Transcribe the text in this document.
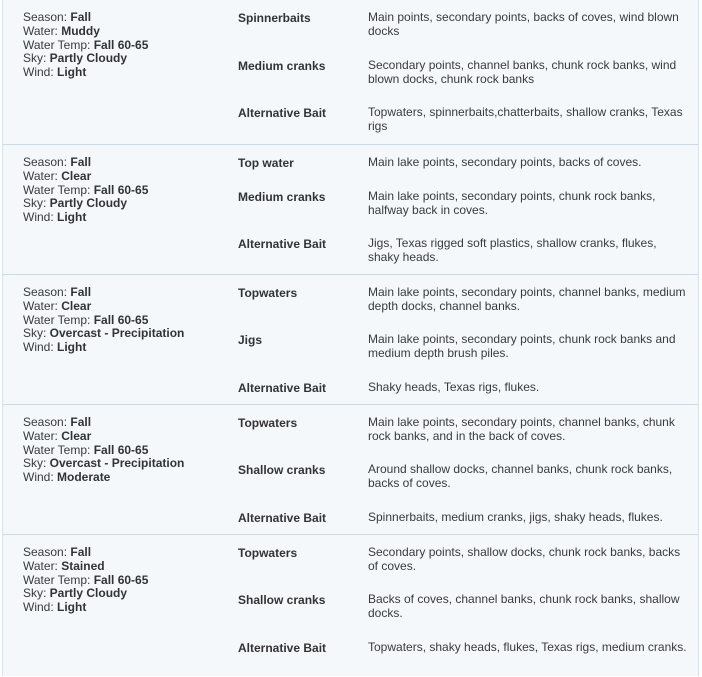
Season: Fall
Water: Muddy
Water Temp: Fall 60-65
Sky: Partly Cloudy
Wind: Light
Spinnerbaits	Main points, secondary points, backs of coves, wind blown docks
Medium cranks	Secondary points, channel banks, chunk rock banks, wind blown docks, chunk rock banks
Alternative Bait	Topwaters, spinnerbaits,chatterbaits, shallow cranks, Texas rigs
Season: Fall
Water: Clear
Water Temp: Fall 60-65
Sky: Partly Cloudy
Wind: Light
Top water	Main lake points, secondary points, backs of coves.
Medium cranks	Main lake points, secondary points, chunk rock banks, halfway back in coves.
Alternative Bait	Jigs, Texas rigged soft plastics, shallow cranks, flukes, shaky heads.
Season: Fall
Water: Clear
Water Temp: Fall 60-65
Sky: Overcast - Precipitation
Wind: Light
Topwaters	Main lake points, secondary points, channel banks, medium depth docks, channel banks.
Jigs	Main lake points, secondary points, chunk rock banks and medium depth brush piles.
Alternative Bait	Shaky heads, Texas rigs, flukes.
Season: Fall
Water: Clear
Water Temp: Fall 60-65
Sky: Overcast - Precipitation
Wind: Moderate
Topwaters	Main lake points, secondary points, channel banks, chunk rock banks, and in the back of coves.
Shallow cranks	Around shallow docks, channel banks, chunk rock banks, backs of coves.
Alternative Bait	Spinnerbaits, medium cranks, jigs, shaky heads, flukes.
Season: Fall
Water: Stained
Water Temp: Fall 60-65
Sky: Partly Cloudy
Wind: Light
Topwaters	Secondary points, shallow docks, chunk rock banks, backs of coves.
Shallow cranks	Backs of coves, channel banks, chunk rock banks, shallow docks.
Alternative Bait	Topwaters, shaky heads, flukes, Texas rigs, medium cranks.
